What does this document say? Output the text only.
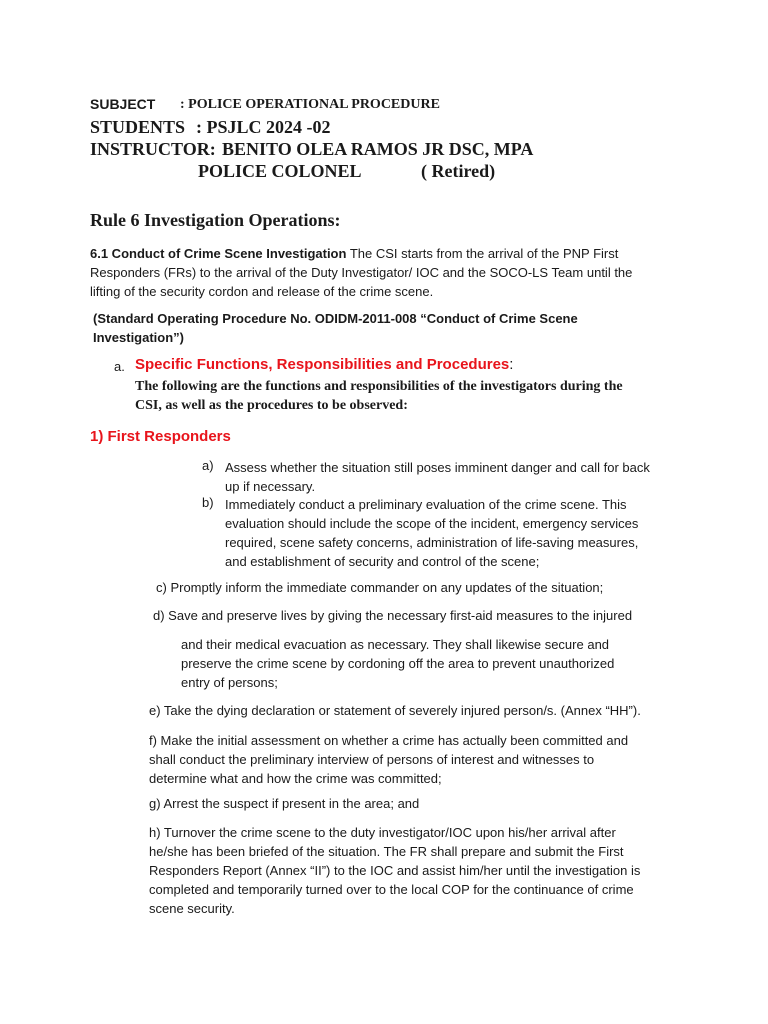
SUBJECT : POLICE OPERATIONAL PROCEDURE
STUDENTS : PSJLC 2024 -02
INSTRUCTOR: BENITO OLEA RAMOS JR DSC, MPA
POLICE COLONEL	( Retired)
Rule 6 Investigation Operations:
6.1 Conduct of Crime Scene Investigation The CSI starts from the arrival of the PNP First
Responders (FRs) to the arrival of the Duty Investigator/ IOC and the SOCO-LS Team until the
lifting of the security cordon and release of the crime scene.
(Standard Operating Procedure No. ODIDM-2011-008 “Conduct of Crime Scene
Investigation”)
a. Specific Functions, Responsibilities and Procedures:
The following are the functions and responsibilities of the investigators during the
CSI, as well as the procedures to be observed:
1) First Responders
a) Assess whether the situation still poses imminent danger and call for back
up if necessary.
b) Immediately conduct a preliminary evaluation of the crime scene. This
evaluation should include the scope of the incident, emergency services
required, scene safety concerns, administration of life-saving measures,
and establishment of security and control of the scene;
c) Promptly inform the immediate commander on any updates of the situation;
d) Save and preserve lives by giving the necessary first-aid measures to the injured
and their medical evacuation as necessary. They shall likewise secure and
preserve the crime scene by cordoning off the area to prevent unauthorized
entry of persons;
e) Take the dying declaration or statement of severely injured person/s. (Annex “HH”).
f) Make the initial assessment on whether a crime has actually been committed and
shall conduct the preliminary interview of persons of interest and witnesses to
determine what and how the crime was committed;
g) Arrest the suspect if present in the area; and
h) Turnover the crime scene to the duty investigator/IOC upon his/her arrival after
he/she has been briefed of the situation. The FR shall prepare and submit the First
Responders Report (Annex “II”) to the IOC and assist him/her until the investigation is
completed and temporarily turned over to the local COP for the continuance of crime
scene security.
